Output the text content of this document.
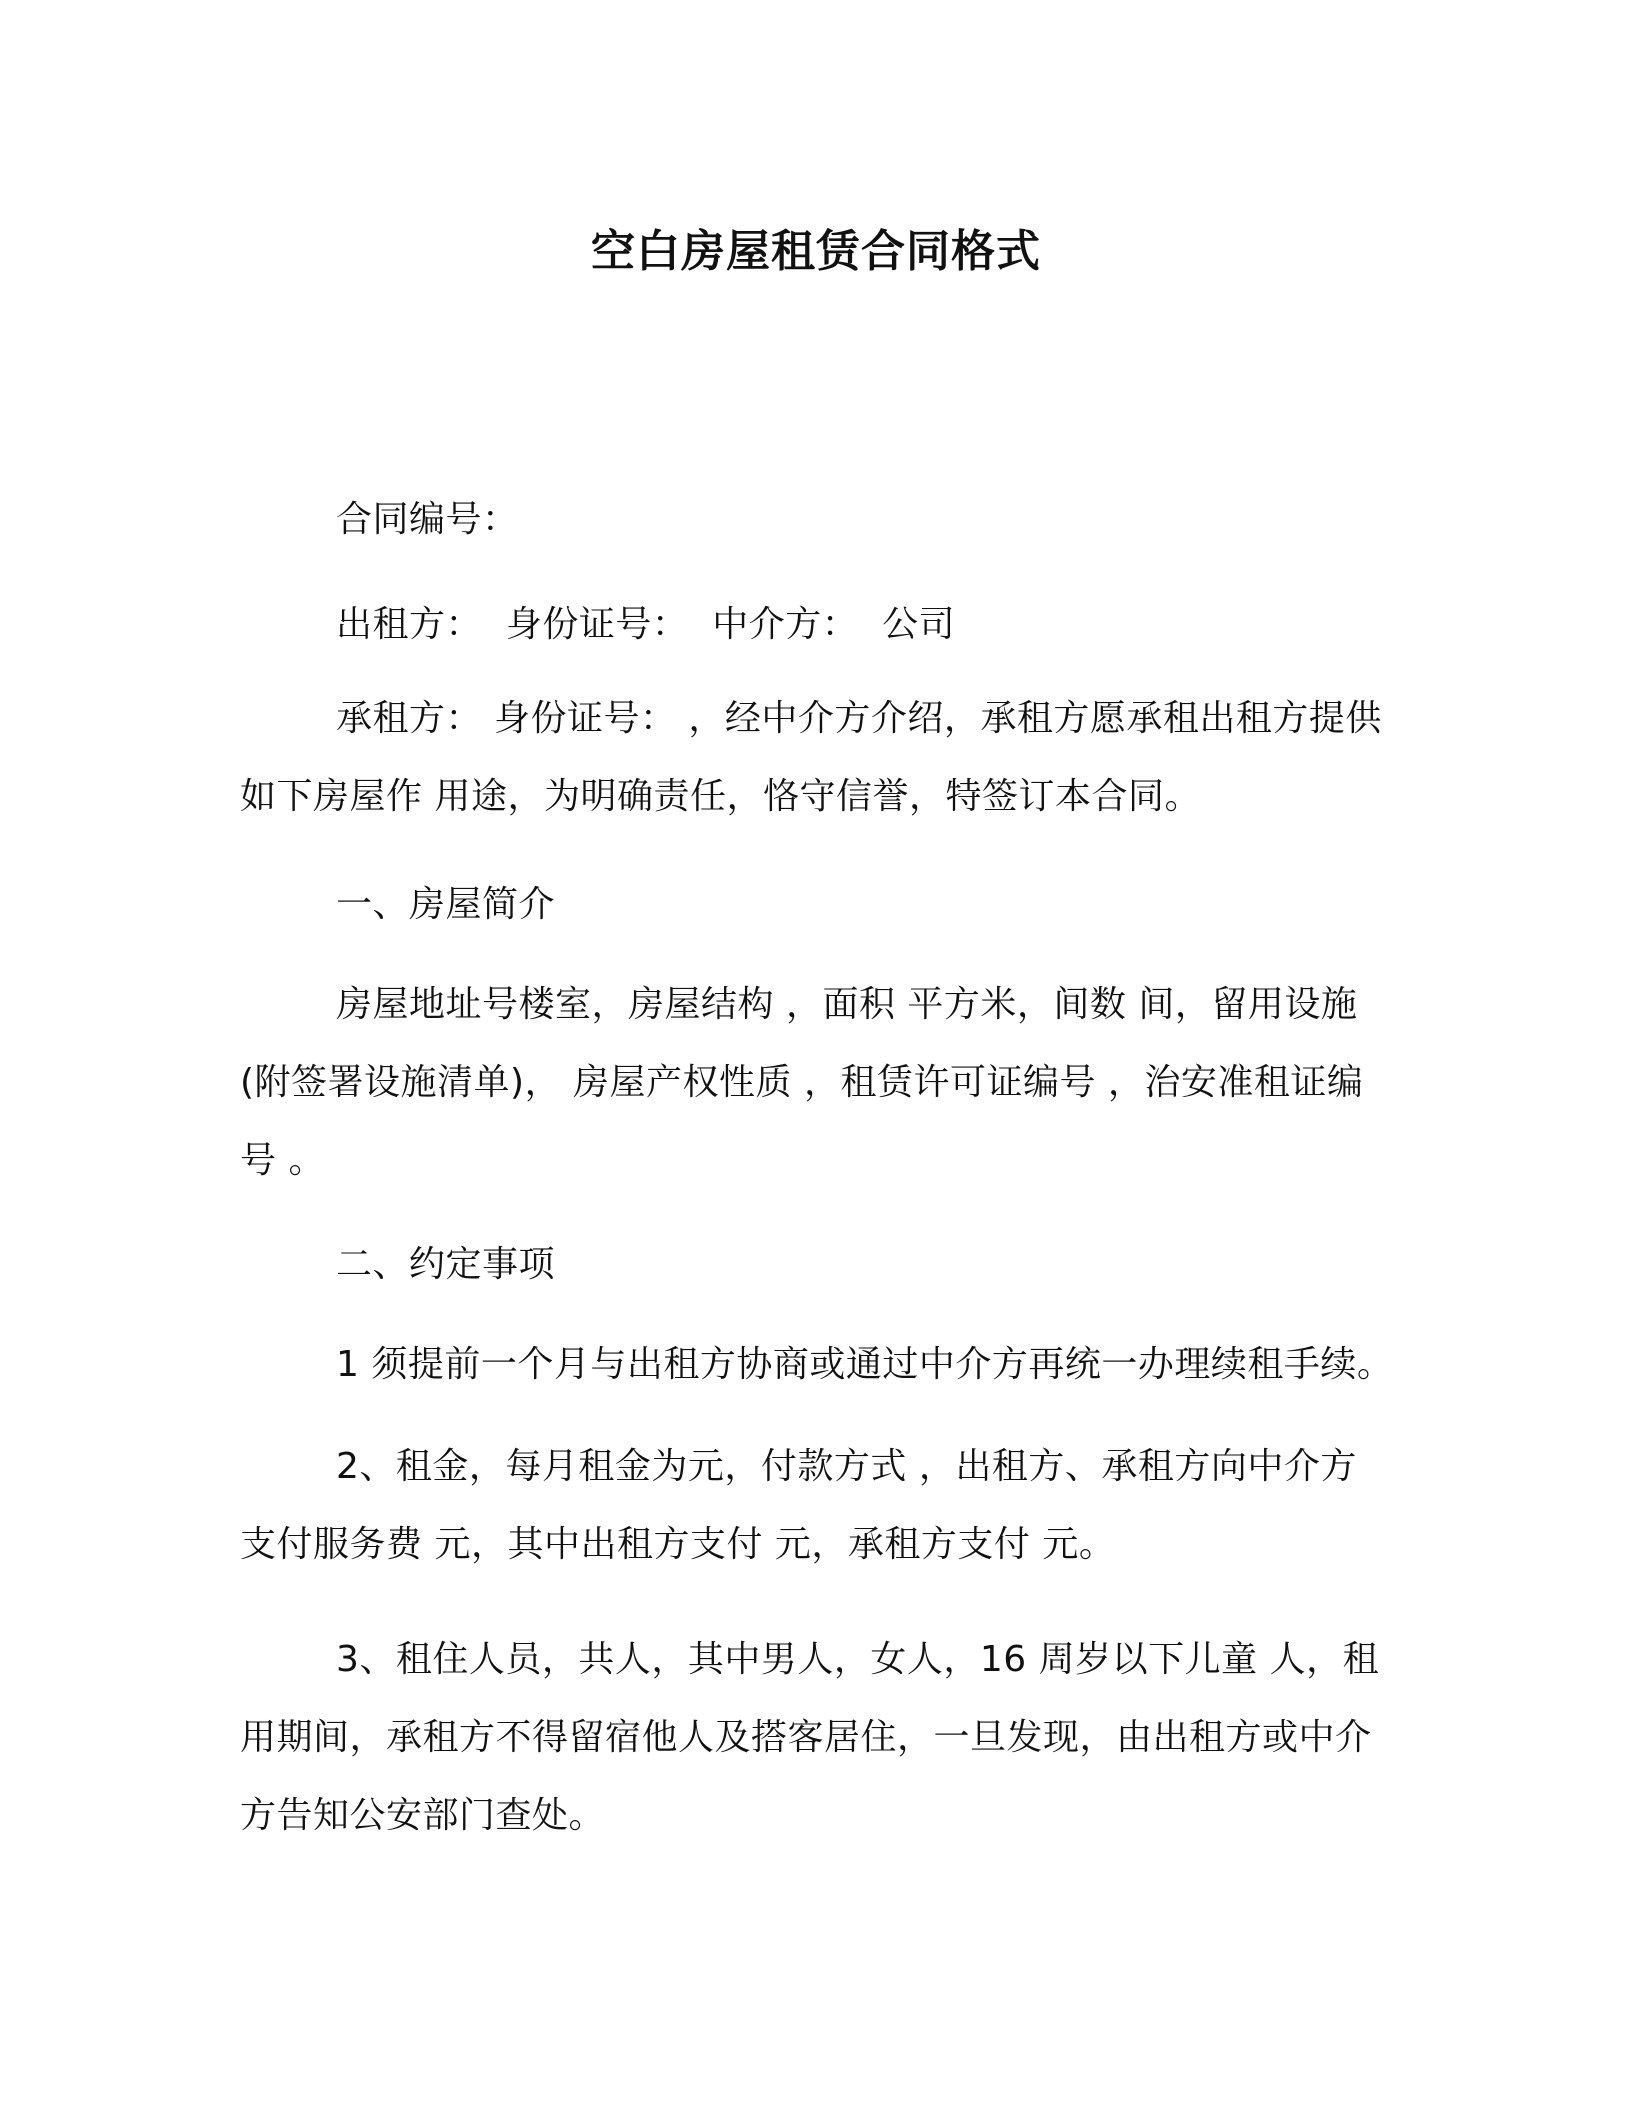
空白房屋租赁合同格式
合同编号：
出租方：  身份证号：  中介方：  公司
承租方： 身份证号： ，经中介方介绍，承租方愿承租出租方提供如下房屋作 用途，为明确责任，恪守信誉，特签订本合同。
一、房屋简介
房屋地址号楼室，房屋结构 ，面积 平方米，间数 间，留用设施(附签署设施清单)， 房屋产权性质 ，租赁许可证编号 ，治安准租证编号 。
二、约定事项
1 须提前一个月与出租方协商或通过中介方再统一办理续租手续。
2、租金，每月租金为元，付款方式 ，出租方、承租方向中介方支付服务费 元，其中出租方支付 元，承租方支付 元。
3、租住人员，共人，其中男人，女人，16 周岁以下儿童 人，租用期间，承租方不得留宿他人及搭客居住，一旦发现，由出租方或中介方告知公安部门查处。
